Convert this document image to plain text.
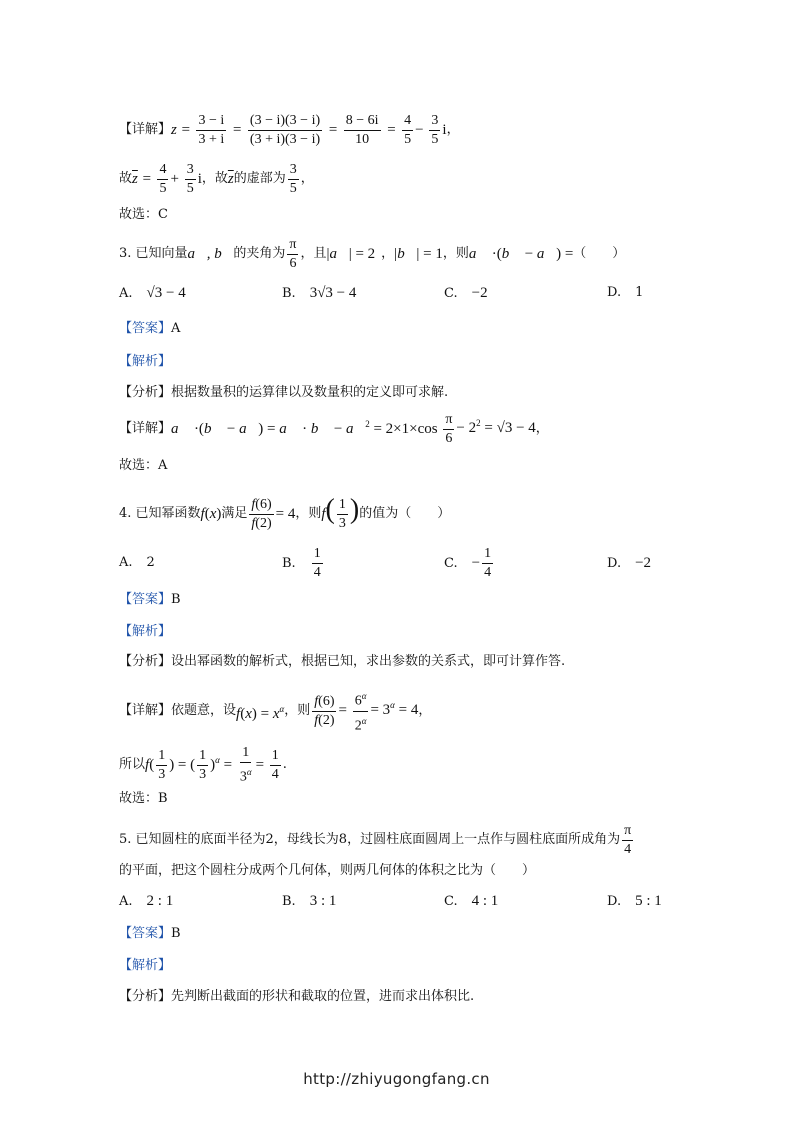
【详解】 $z = \frac{3 - i}{3 + i} = \frac{(3 - i)(3 - i)}{(3 + i)(3 - i)} = \frac{8 - 6i}{10} = \frac{4}{5} - \frac{3}{5}$ i ，
故 $\overline{z} = \frac{4}{5} + \frac{3}{5}$ i ，故 $\overline{z}$ 的虚部为 $\frac{3}{5}$ ，
故选：C
3. 已知向量 a⃗, b⃗ 的夹角为 $\frac{\pi}{6}$ ，且 |a⃗| = 2 ， |b⃗| = 1 ，则 a⃗ ·(b⃗ − a⃗) = （　　）
A. √3 − 4	B. 3√3 − 4	C. −2	D. 1
【答案】 A
【解析】
【分析】 根据数量积的运算律以及数量积的定义即可求解.
【详解】 a⃗ ·(b⃗ − a⃗) = a⃗ · b⃗ − a⃗$^2$ = $2\times 1\times\cos \frac{\pi}{6} - 2^2 = √3 - 4$ ，
故选：A
4. 已知幂函数 f(x) 满足 $\frac{f(6)}{f(2)} = 4$ ，则 $f( \frac{1}{3}$ ) 的值为（　　）
A. 2	B. $\frac{1}{4}$	C. − $\frac{1}{4}$	D. −2
【答案】 B
【解析】
【分析】 设出幂函数的解析式，根据已知，求出参数的关系式，即可计算作答.
【详解】 依题意，设 $f(x) = x^\alpha$ ，则 $\frac{f(6)}{f(2)} = \frac{6^\alpha}{2^\alpha} = 3^\alpha = 4$ ，
所以 $f( \frac{1}{3}$ ) = ( $\frac{1}{3} )^\alpha = \frac{1}{3^\alpha} = \frac{1}{4}$ .
故选：B
5. 已知圆柱的底面半径为2，母线长为8，过圆柱底面圆周上一点作与圆柱底面所成角为 $\frac{\pi}{4}$
的平面，把这个圆柱分成两个几何体，则两几何体的体积之比为（　　）
A. 2 : 1	B. 3 : 1	C. 4 : 1	D. 5 : 1
【答案】 B
【解析】
【分析】 先判断出截面的形状和截取的位置，进而求出体积比.
http://zhiyugongfang.cn
